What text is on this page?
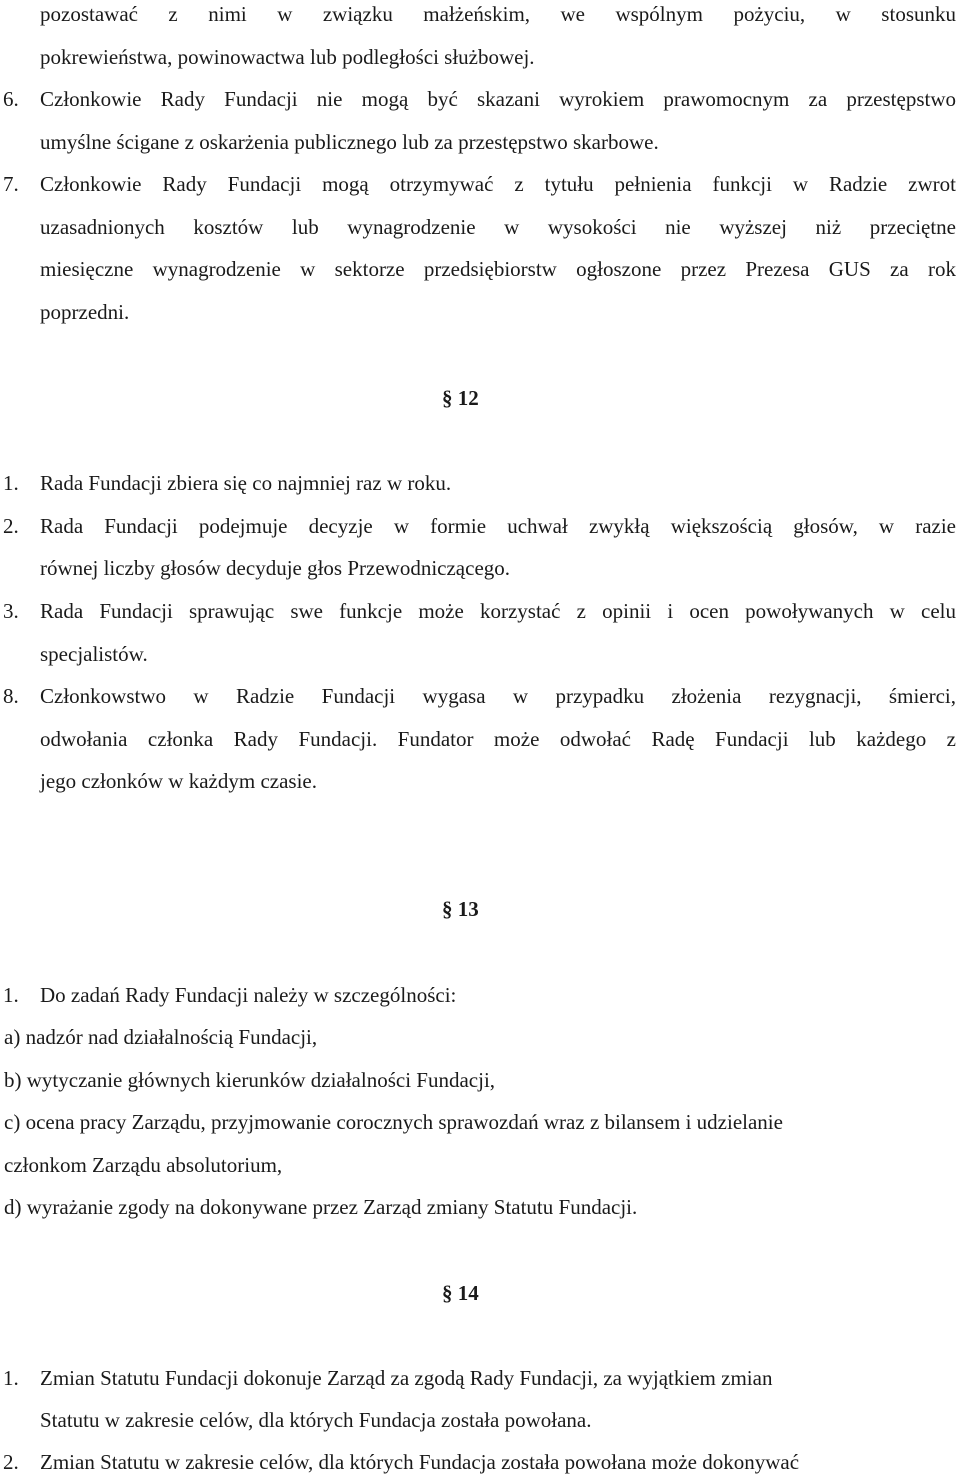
pozostawać z nimi w związku małżeńskim, we wspólnym pożyciu, w stosunku
pokrewieństwa, powinowactwa lub podległości służbowej.
6. Członkowie Rady Fundacji nie mogą być skazani wyrokiem prawomocnym za przestępstwo
umyślne ścigane z oskarżenia publicznego lub za przestępstwo skarbowe.
7. Członkowie Rady Fundacji mogą otrzymywać z tytułu pełnienia funkcji w Radzie zwrot
uzasadnionych kosztów lub wynagrodzenie w wysokości nie wyższej niż przeciętne
miesięczne wynagrodzenie w sektorze przedsiębiorstw ogłoszone przez Prezesa GUS za rok
poprzedni.
§ 12
1. Rada Fundacji zbiera się co najmniej raz w roku.
2. Rada Fundacji podejmuje decyzje w formie uchwał zwykłą większością głosów, w razie
równej liczby głosów decyduje głos Przewodniczącego.
3. Rada Fundacji sprawując swe funkcje może korzystać z opinii i ocen powoływanych w celu
specjalistów.
8. Członkowstwo w Radzie Fundacji wygasa w przypadku złożenia rezygnacji, śmierci,
odwołania członka Rady Fundacji. Fundator może odwołać Radę Fundacji lub każdego z
jego członków w każdym czasie.
§ 13
1. Do zadań Rady Fundacji należy w szczególności:
a) nadzór nad działalnością Fundacji,
b) wytyczanie głównych kierunków działalności Fundacji,
c) ocena pracy Zarządu, przyjmowanie corocznych sprawozdań wraz z bilansem i udzielanie
członkom Zarządu absolutorium,
d) wyrażanie zgody na dokonywane przez Zarząd zmiany Statutu Fundacji.
§ 14
1. Zmian Statutu Fundacji dokonuje Zarząd za zgodą Rady Fundacji, za wyjątkiem zmian
Statutu w zakresie celów, dla których Fundacja została powołana.
2. Zmian Statutu w zakresie celów, dla których Fundacja została powołana może dokonywać
